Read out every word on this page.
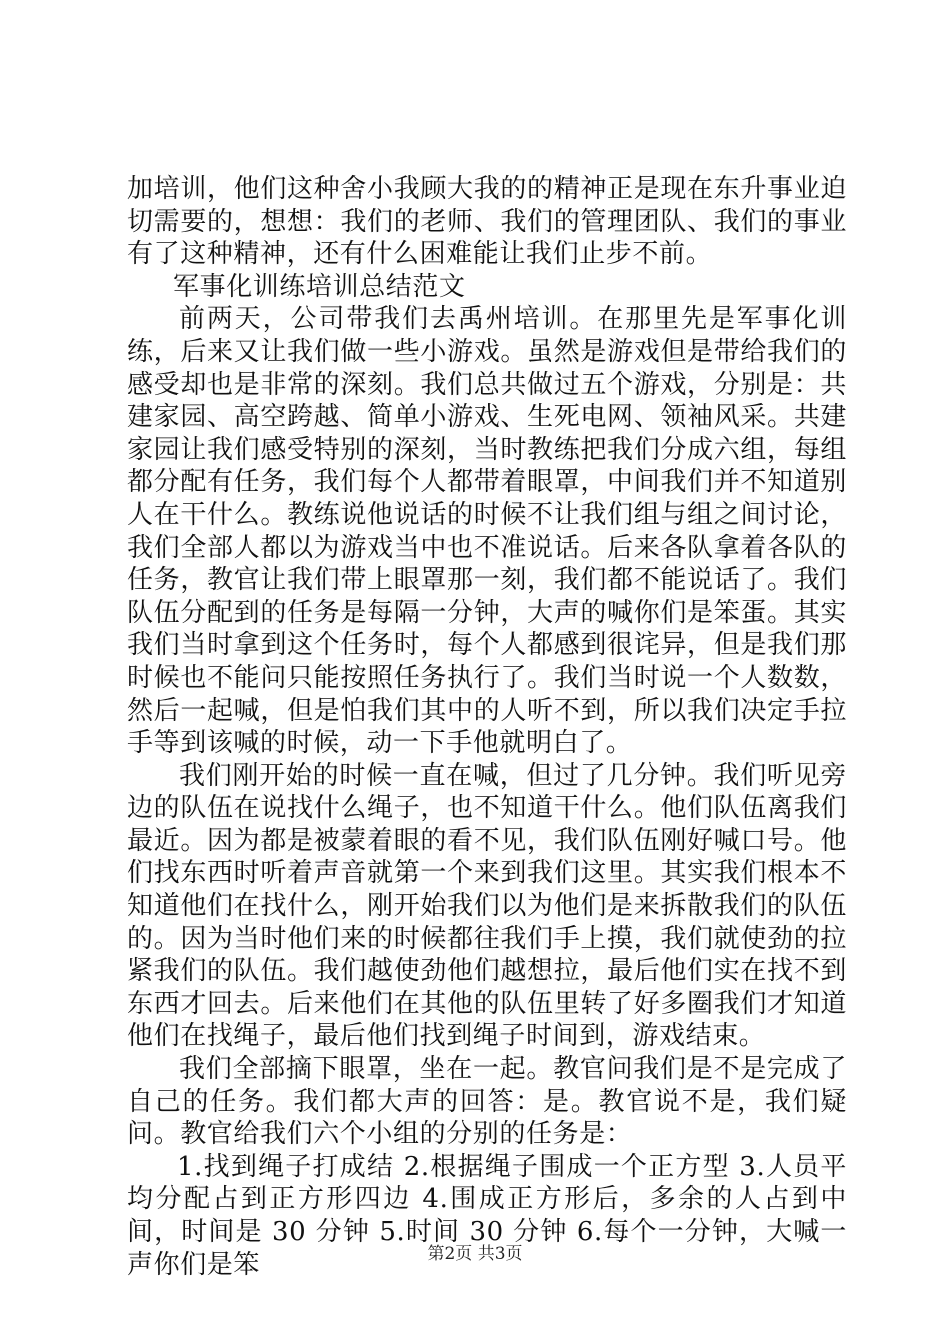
加培训，他们这种舍小我顾大我的的精神正是现在东升事业迫切需要的，想想：我们的老师、我们的管理团队、我们的事业有了这种精神，还有什么困难能让我们止步不前。

军事化训练培训总结范文

前两天，公司带我们去禹州培训。在那里先是军事化训练，后来又让我们做一些小游戏。虽然是游戏但是带给我们的感受却也是非常的深刻。我们总共做过五个游戏，分别是：共建家园、高空跨越、简单小游戏、生死电网、领袖风采。共建家园让我们感受特别的深刻，当时教练把我们分成六组，每组都分配有任务，我们每个人都带着眼罩，中间我们并不知道别人在干什么。教练说他说话的时候不让我们组与组之间讨论，我们全部人都以为游戏当中也不准说话。后来各队拿着各队的任务，教官让我们带上眼罩那一刻，我们都不能说话了。我们队伍分配到的任务是每隔一分钟，大声的喊你们是笨蛋。其实我们当时拿到这个任务时，每个人都感到很诧异，但是我们那时候也不能问只能按照任务执行了。我们当时说一个人数数，然后一起喊，但是怕我们其中的人听不到，所以我们决定手拉手等到该喊的时候，动一下手他就明白了。

我们刚开始的时候一直在喊，但过了几分钟。我们听见旁边的队伍在说找什么绳子，也不知道干什么。他们队伍离我们最近。因为都是被蒙着眼的看不见，我们队伍刚好喊口号。他们找东西时听着声音就第一个来到我们这里。其实我们根本不知道他们在找什么，刚开始我们以为他们是来拆散我们的队伍的。因为当时他们来的时候都往我们手上摸，我们就使劲的拉紧我们的队伍。我们越使劲他们越想拉，最后他们实在找不到东西才回去。后来他们在其他的队伍里转了好多圈我们才知道他们在找绳子，最后他们找到绳子时间到，游戏结束。

我们全部摘下眼罩，坐在一起。教官问我们是不是完成了自己的任务。我们都大声的回答：是。教官说不是，我们疑问。教官给我们六个小组的分别的任务是：

1.找到绳子打成结 2.根据绳子围成一个正方型 3.人员平均分配占到正方形四边 4.围成正方形后，多余的人占到中间，时间是 30 分钟 5.时间 30 分钟 6.每个一分钟，大喊一声你们是笨	第2页 共3页
